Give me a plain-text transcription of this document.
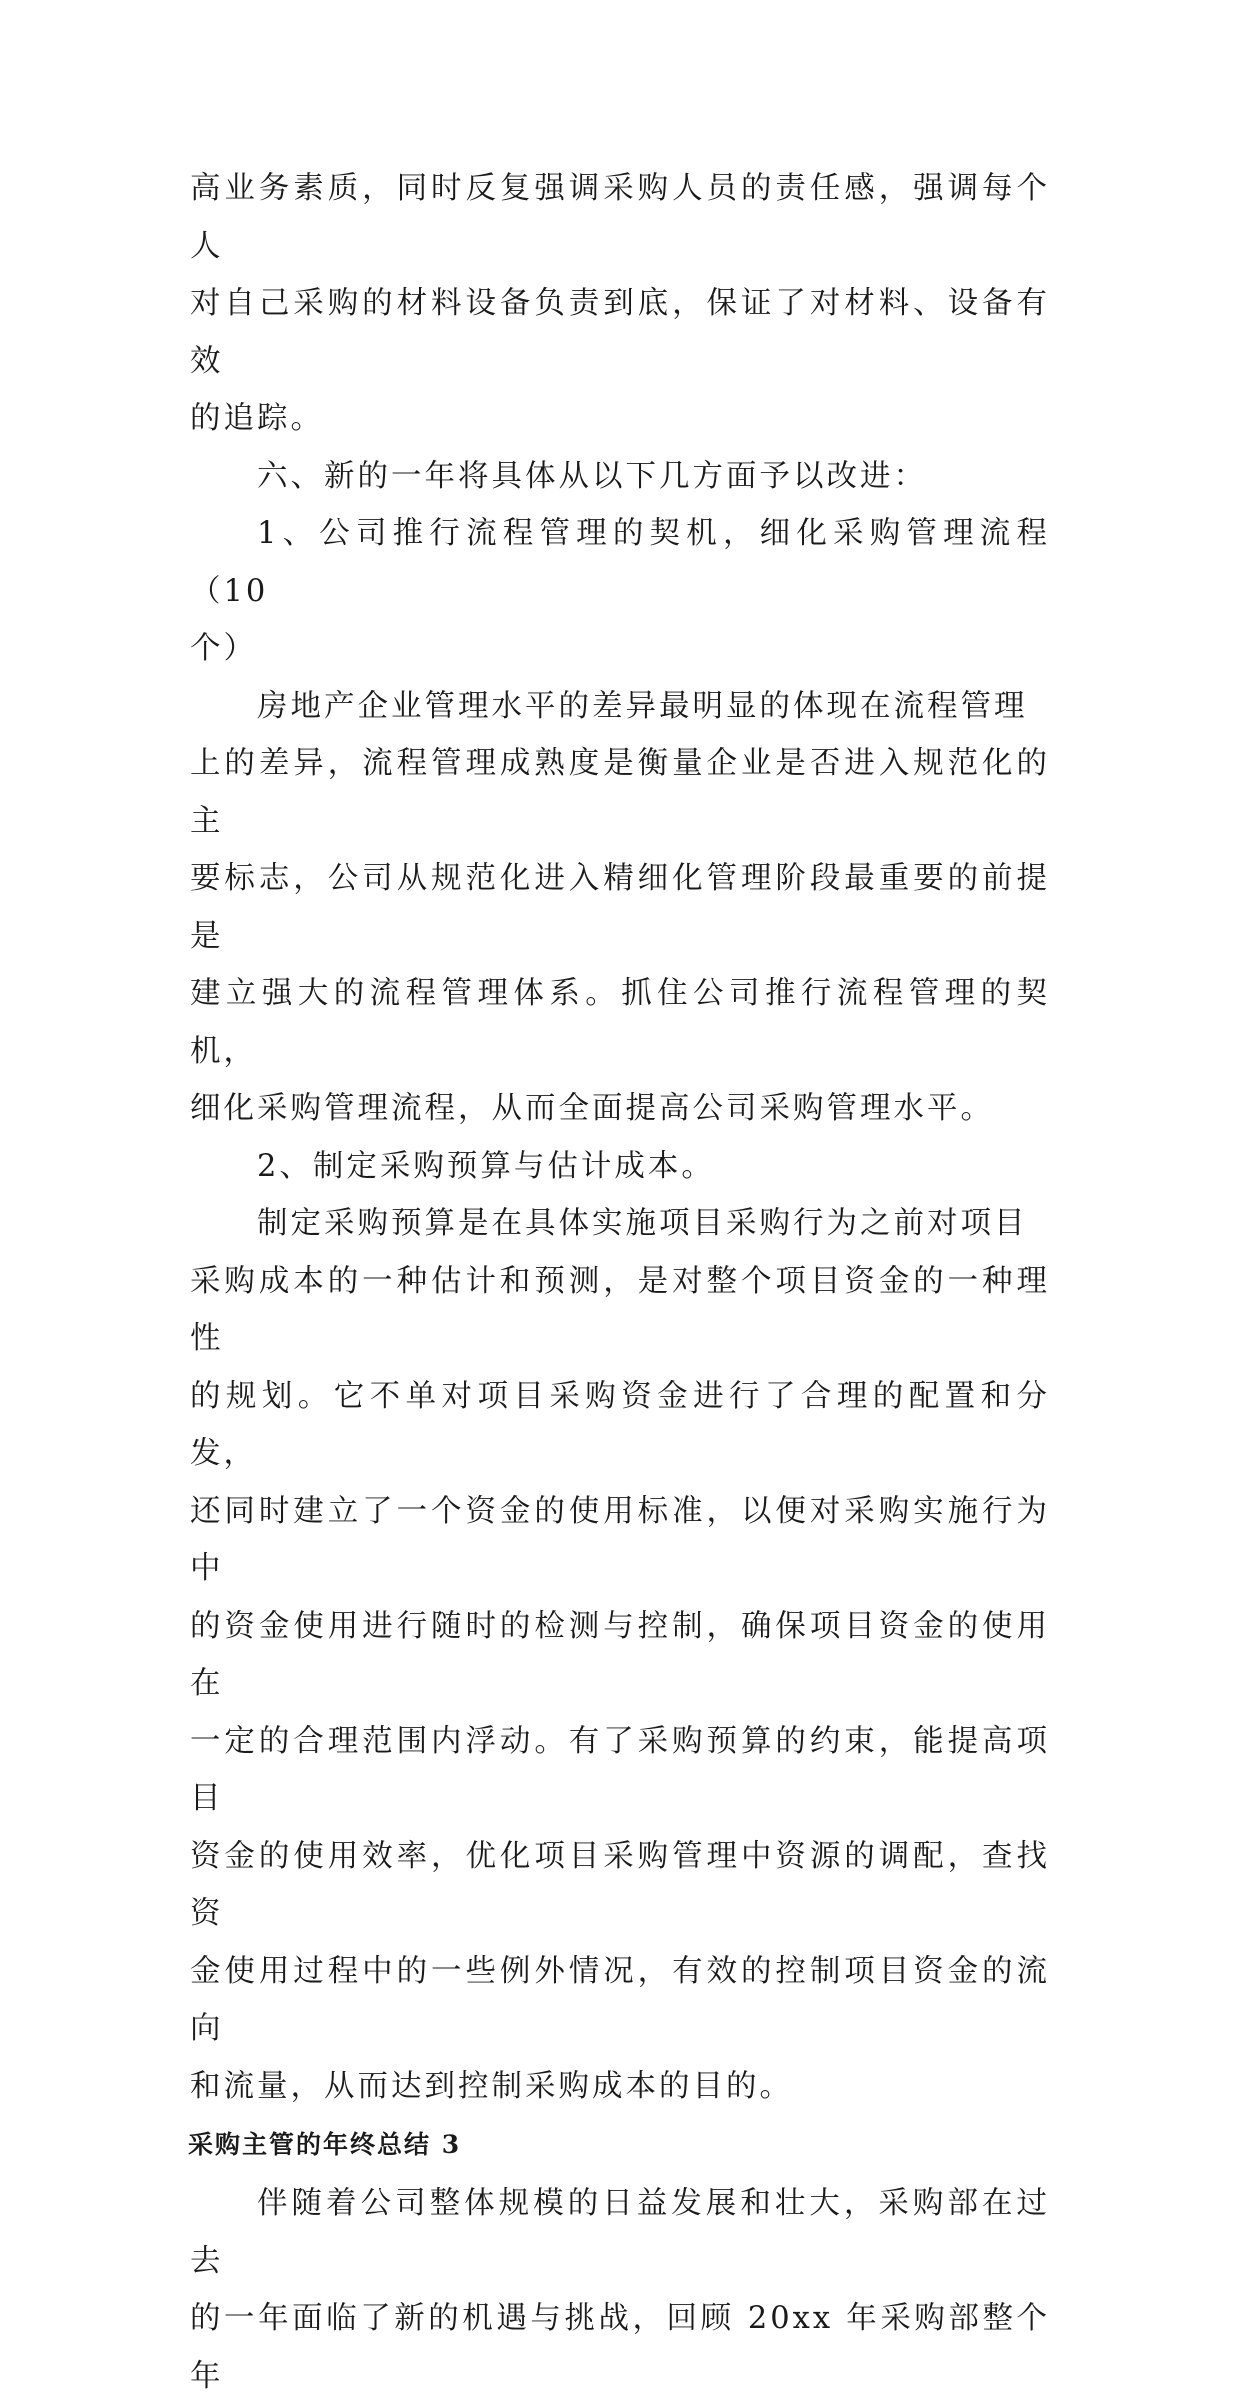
高业务素质，同时反复强调采购人员的责任感，强调每个人
对自己采购的材料设备负责到底，保证了对材料、设备有效
的追踪。

六、新的一年将具体从以下几方面予以改进：

1、公司推行流程管理的契机，细化采购管理流程（10
个）

房地产企业管理水平的差异最明显的体现在流程管理
上的差异，流程管理成熟度是衡量企业是否进入规范化的主
要标志，公司从规范化进入精细化管理阶段最重要的前提是
建立强大的流程管理体系。抓住公司推行流程管理的契机，
细化采购管理流程，从而全面提高公司采购管理水平。

2、制定采购预算与估计成本。

制定采购预算是在具体实施项目采购行为之前对项目
采购成本的一种估计和预测，是对整个项目资金的一种理性
的规划。它不单对项目采购资金进行了合理的配置和分发，
还同时建立了一个资金的使用标准，以便对采购实施行为中
的资金使用进行随时的检测与控制，确保项目资金的使用在
一定的合理范围内浮动。有了采购预算的约束，能提高项目
资金的使用效率，优化项目采购管理中资源的调配，查找资
金使用过程中的一些例外情况，有效的控制项目资金的流向
和流量，从而达到控制采购成本的目的。

采购主管的年终总结 3

伴随着公司整体规模的日益发展和壮大，采购部在过去
的一年面临了新的机遇与挑战，回顾 20xx 年采购部整个年
